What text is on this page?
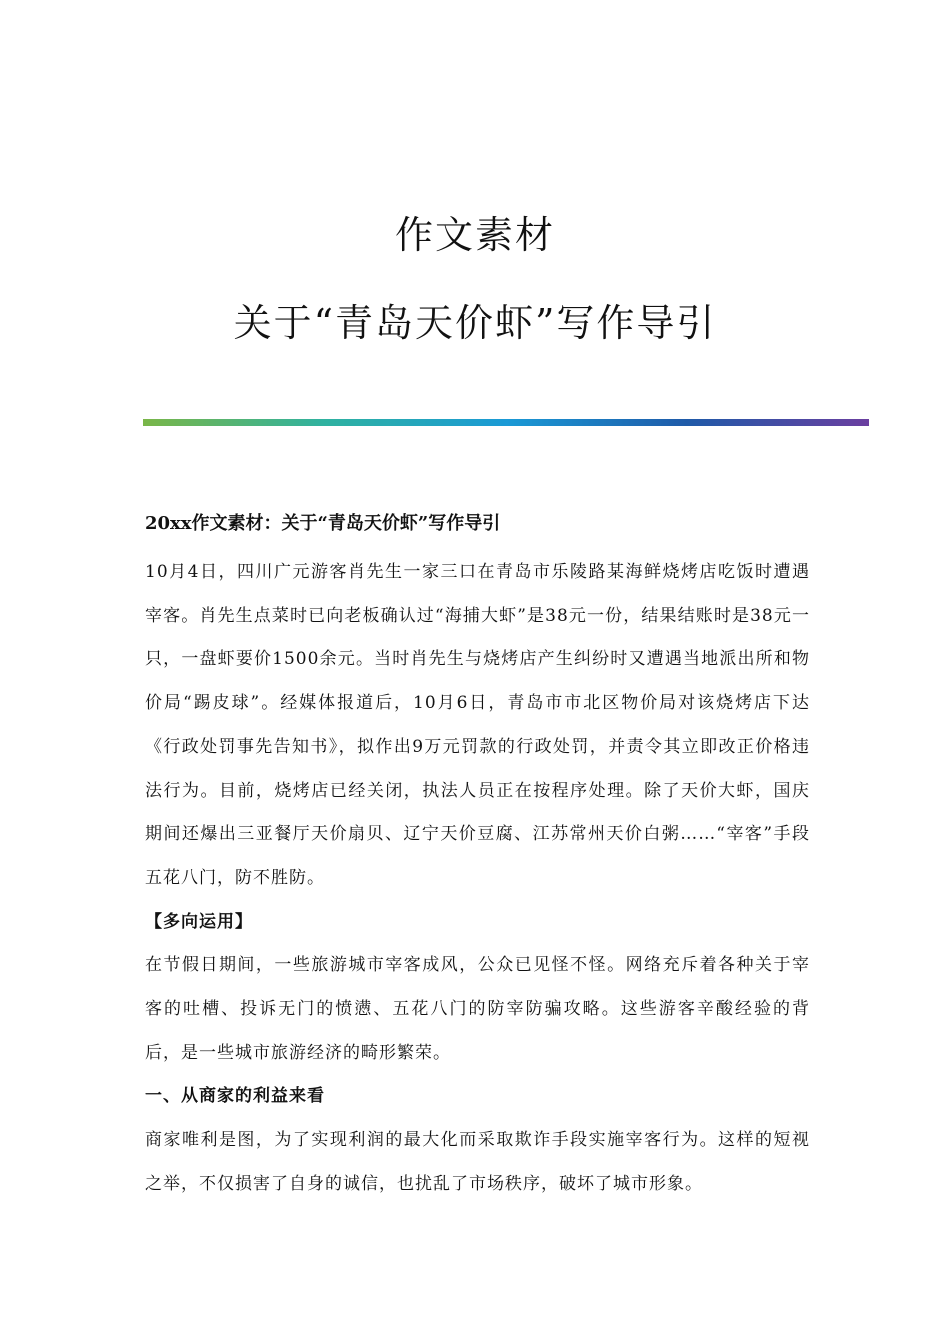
作文素材
关于“青岛天价虾”写作导引

20xx作文素材：关于“青岛天价虾”写作导引

10月4日，四川广元游客肖先生一家三口在青岛市乐陵路某海鲜烧烤店吃饭时遭遇宰客。肖先生点菜时已向老板确认过“海捕大虾”是38元一份，结果结账时是38元一只，一盘虾要价1500余元。当时肖先生与烧烤店产生纠纷时又遭遇当地派出所和物价局“踢皮球”。经媒体报道后，10月6日，青岛市市北区物价局对该烧烤店下达《行政处罚事先告知书》，拟作出9万元罚款的行政处罚，并责令其立即改正价格违法行为。目前，烧烤店已经关闭，执法人员正在按程序处理。除了天价大虾，国庆期间还爆出三亚餐厅天价扇贝、辽宁天价豆腐、江苏常州天价白粥……“宰客”手段五花八门，防不胜防。

【多向运用】

在节假日期间，一些旅游城市宰客成风，公众已见怪不怪。网络充斥着各种关于宰客的吐槽、投诉无门的愤懑、五花八门的防宰防骗攻略。这些游客辛酸经验的背后，是一些城市旅游经济的畸形繁荣。

一、从商家的利益来看

商家唯利是图，为了实现利润的最大化而采取欺诈手段实施宰客行为。这样的短视之举，不仅损害了自身的诚信，也扰乱了市场秩序，破坏了城市形象。
